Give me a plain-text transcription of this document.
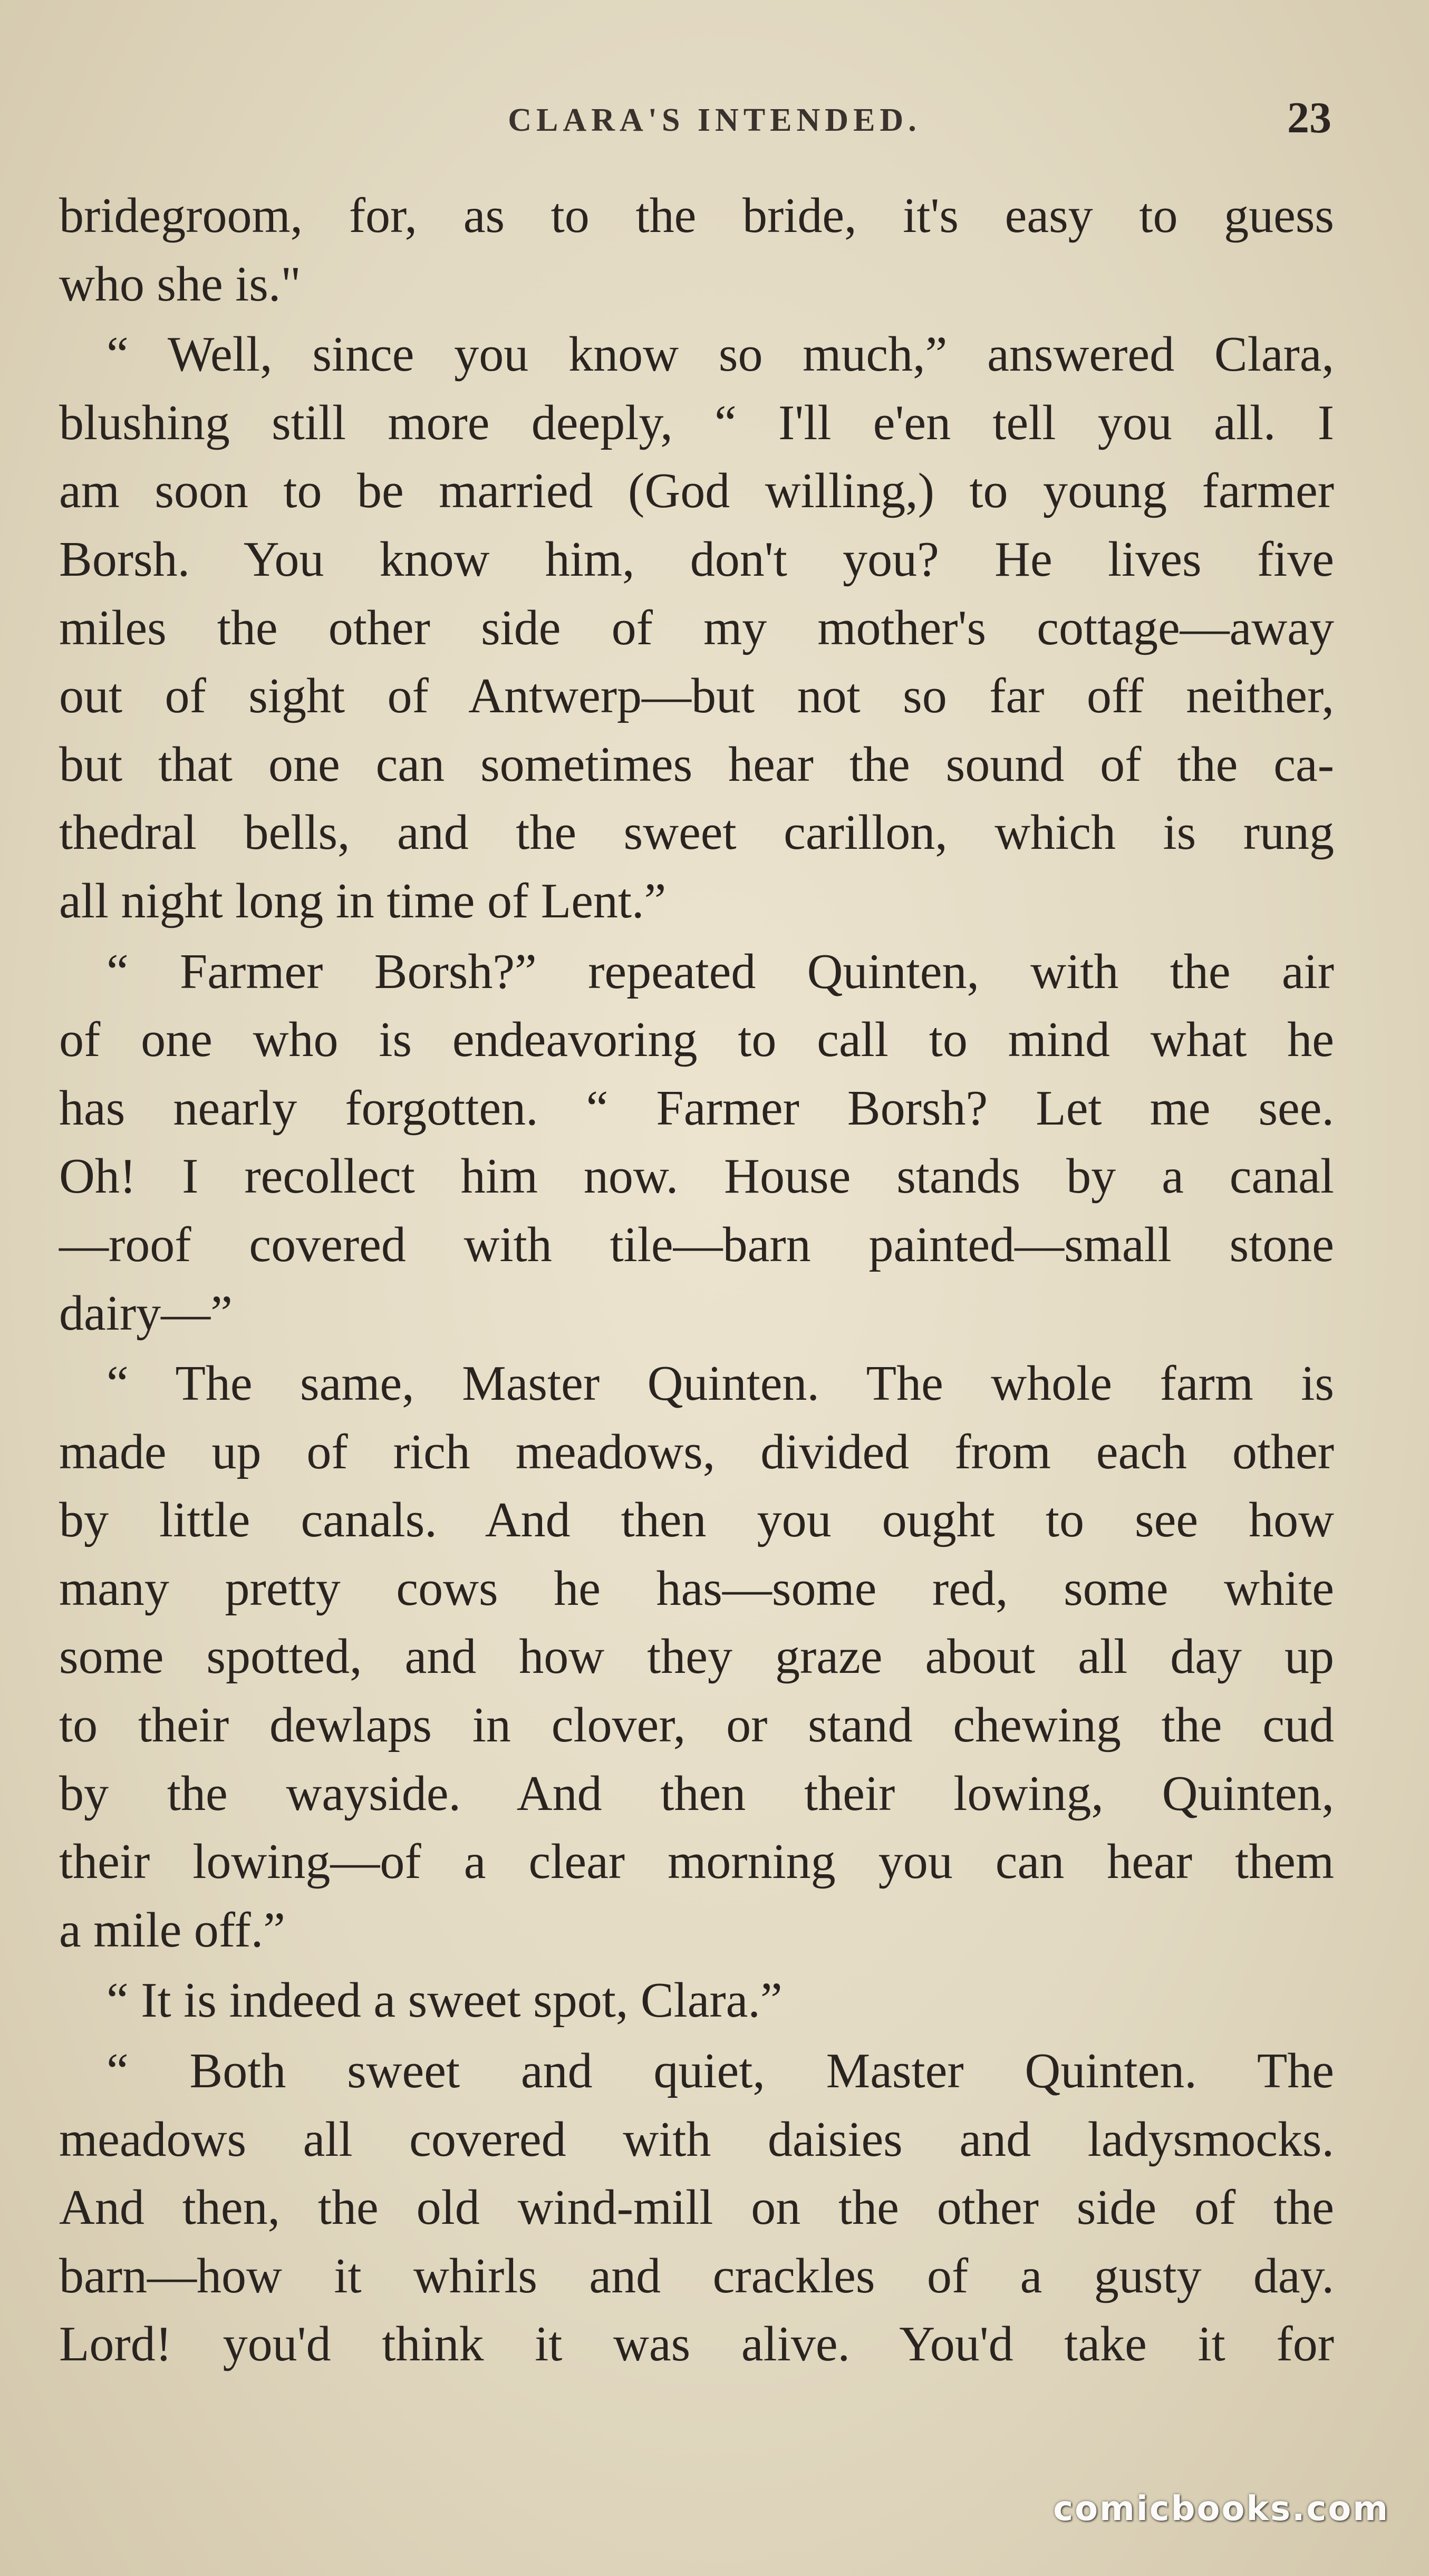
CLARA'S INTENDED.	23
bridegroom, for, as to the bride, it's easy to guess
who she is."
“ Well, since you know so much,” answered Clara,
blushing still more deeply, “ I'll e'en tell you all. I
am soon to be married (God willing,) to young farmer
Borsh. You know him, don't you? He lives five
miles the other side of my mother's cottage—away
out of sight of Antwerp—but not so far off neither,
but that one can sometimes hear the sound of the ca-
thedral bells, and the sweet carillon, which is rung
all night long in time of Lent.”
“ Farmer Borsh?” repeated Quinten, with the air
of one who is endeavoring to call to mind what he
has nearly forgotten. “ Farmer Borsh? Let me see.
Oh! I recollect him now. House stands by a canal
—roof covered with tile—barn painted—small stone
dairy—”
“ The same, Master Quinten. The whole farm is
made up of rich meadows, divided from each other
by little canals. And then you ought to see how
many pretty cows he has—some red, some white
some spotted, and how they graze about all day up
to their dewlaps in clover, or stand chewing the cud
by the wayside. And then their lowing, Quinten,
their lowing—of a clear morning you can hear them
a mile off.”
“ It is indeed a sweet spot, Clara.”
“ Both sweet and quiet, Master Quinten. The
meadows all covered with daisies and ladysmocks.
And then, the old wind-mill on the other side of the
barn—how it whirls and crackles of a gusty day.
Lord! you'd think it was alive. You'd take it for
comicbooks.com
